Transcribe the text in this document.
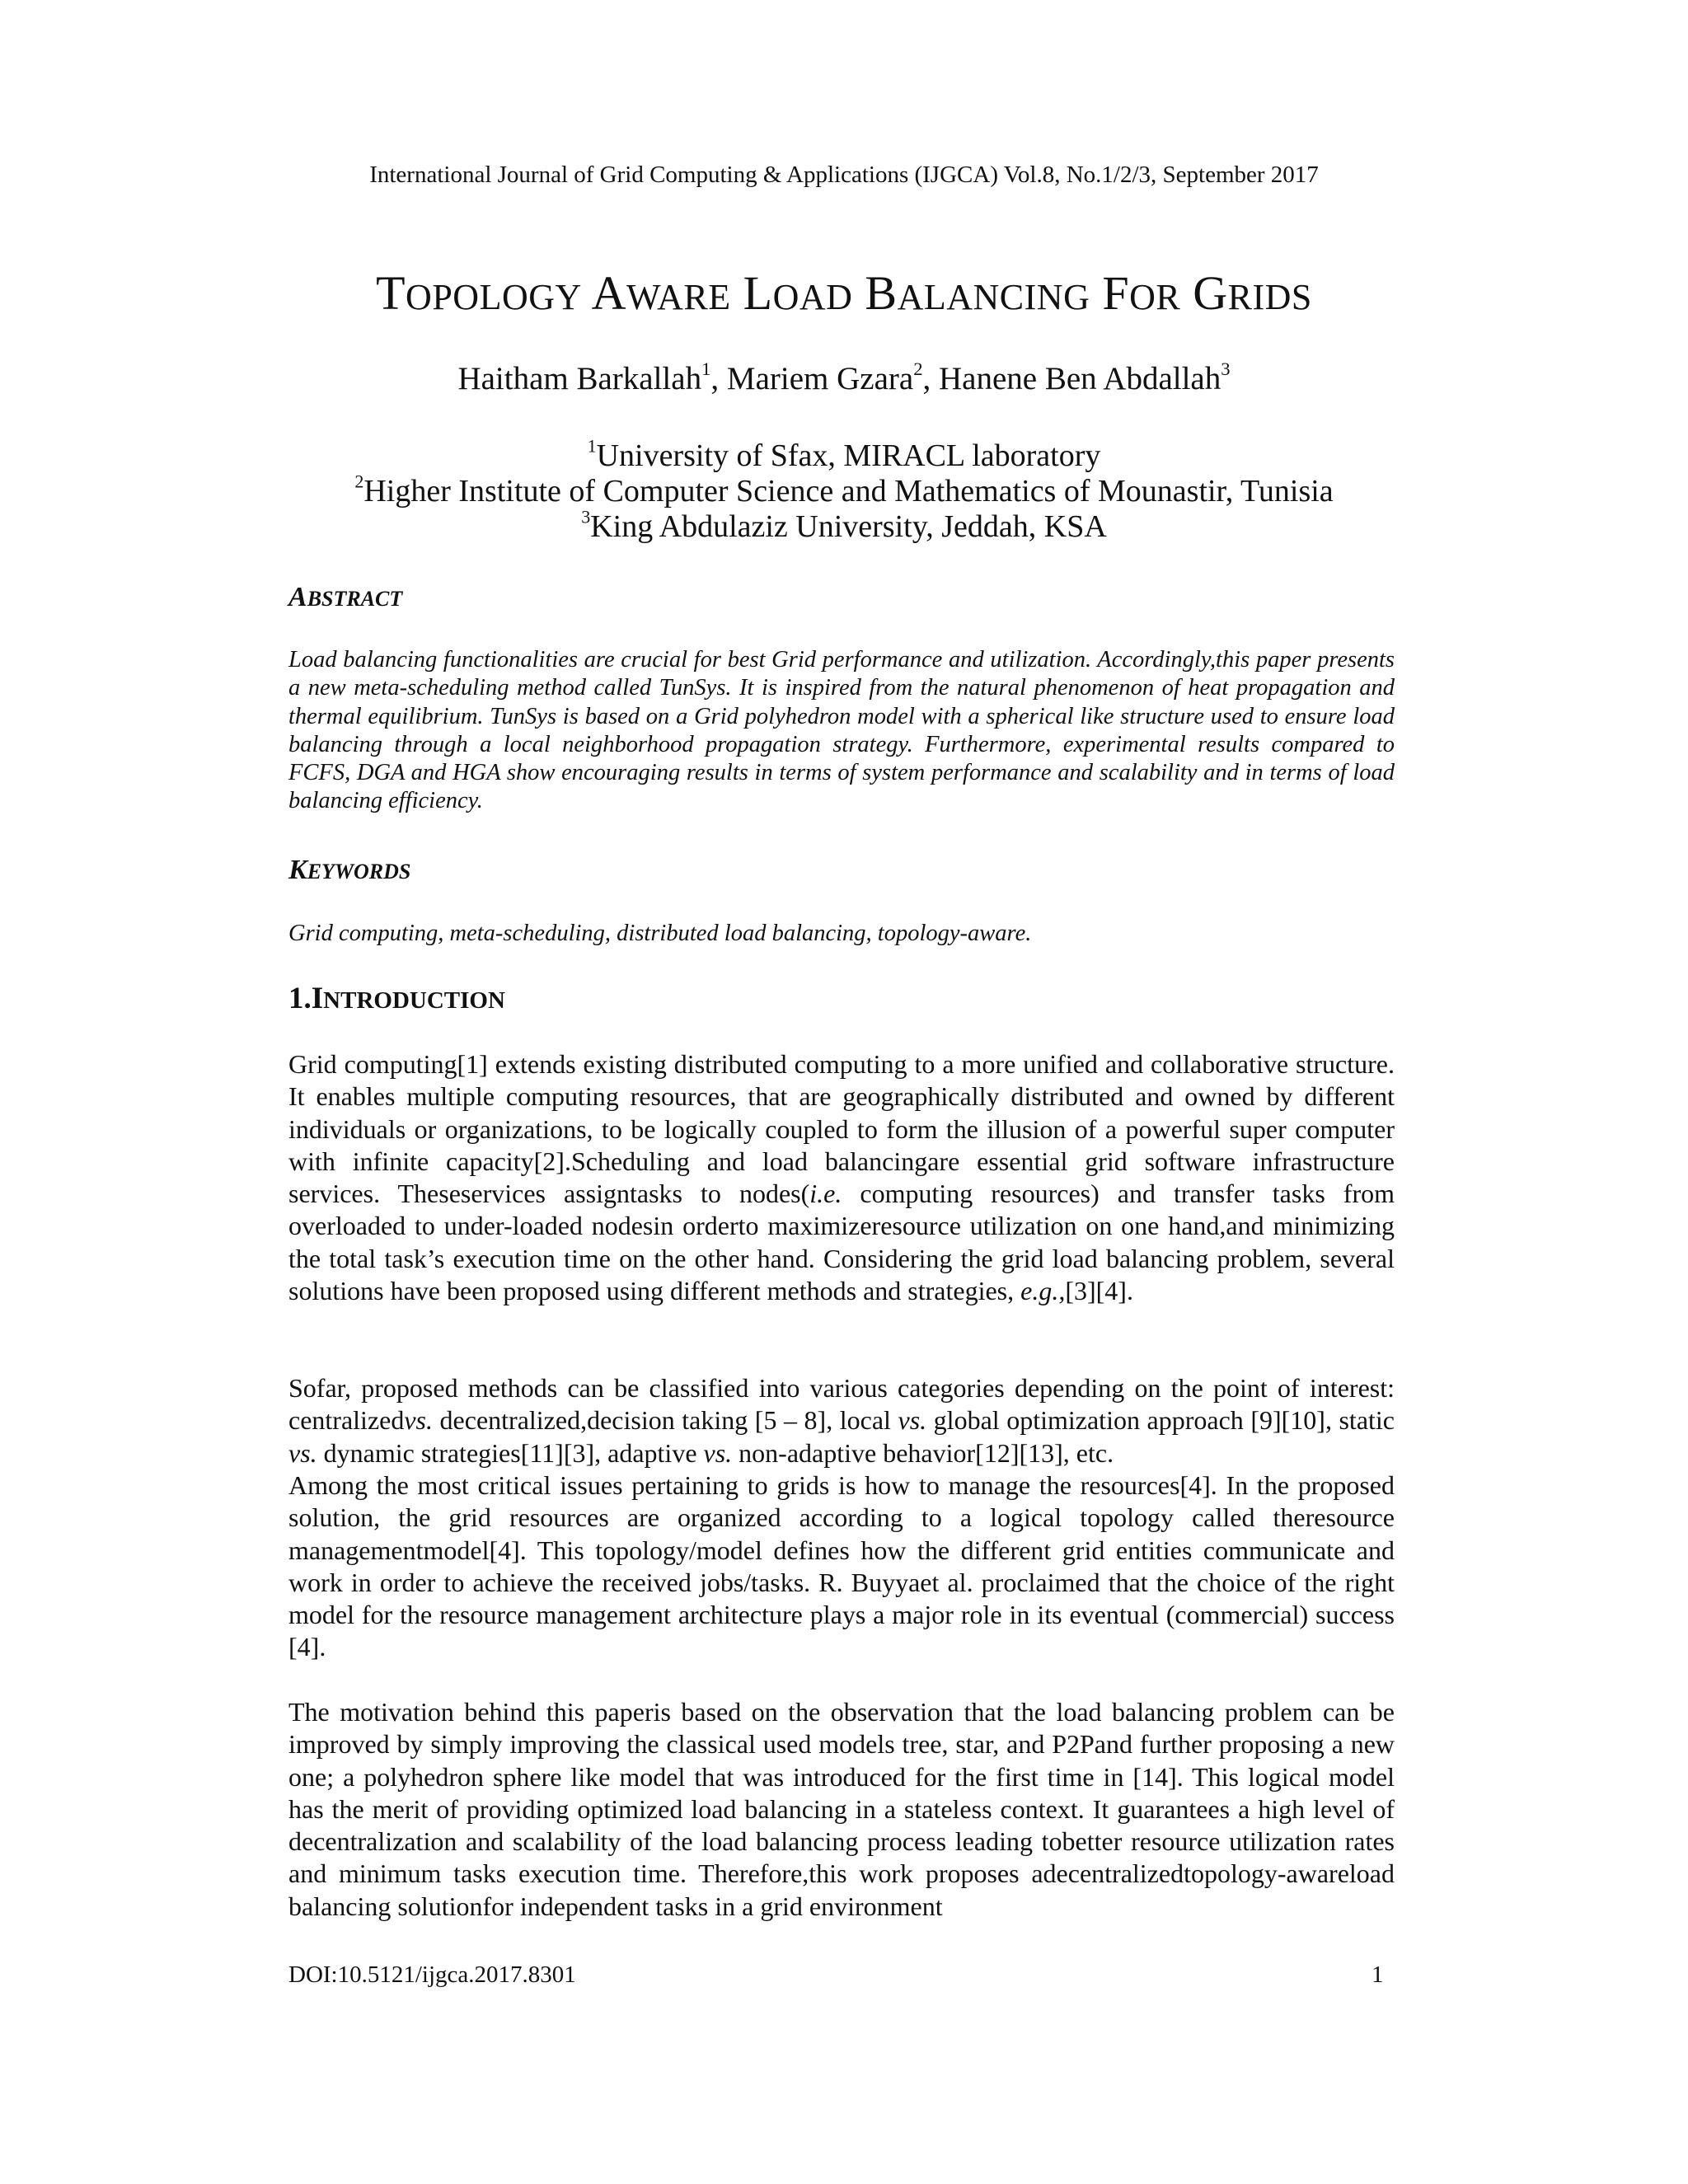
International Journal of Grid Computing & Applications (IJGCA) Vol.8, No.1/2/3, September 2017
TOPOLOGY AWARE LOAD BALANCING FOR GRIDS
Haitham Barkallah$^1$, Mariem Gzara$^2$, Hanene Ben Abdallah$^3$
$^1$University of Sfax, MIRACL laboratory
$^2$Higher Institute of Computer Science and Mathematics of Mounastir, Tunisia
$^3$King Abdulaziz University, Jeddah, KSA
ABSTRACT
Load balancing functionalities are crucial for best Grid performance and utilization. Accordingly,this paper presents a new meta-scheduling method called TunSys. It is inspired from the natural phenomenon of heat propagation and thermal equilibrium. TunSys is based on a Grid polyhedron model with a spherical like structure used to ensure load balancing through a local neighborhood propagation strategy. Furthermore, experimental results compared to FCFS, DGA and HGA show encouraging results in terms of system performance and scalability and in terms of load balancing efficiency.
KEYWORDS
Grid computing, meta-scheduling, distributed load balancing, topology-aware.
1.INTRODUCTION

Grid computing[1] extends existing distributed computing to a more unified and collaborative structure. It enables multiple computing resources, that are geographically distributed and owned by different individuals or organizations, to be logically coupled to form the illusion of a powerful super computer with infinite capacity[2].Scheduling and load balancingare essential grid software infrastructure services. Theseservices assigntasks to nodes(i.e. computing resources) and transfer tasks from overloaded to under-loaded nodesin orderto maximizeresource utilization on one hand,and minimizing the total task’s execution time on the other hand. Considering the grid load balancing problem, several solutions have been proposed using different methods and strategies, e.g.,[3][4].

Sofar, proposed methods can be classified into various categories depending on the point of interest: centralizedvs. decentralized,decision taking [5 – 8], local vs. global optimization approach [9][10], static vs. dynamic strategies[11][3], adaptive vs. non-adaptive behavior[12][13], etc.

Among the most critical issues pertaining to grids is how to manage the resources[4]. In the proposed solution, the grid resources are organized according to a logical topology called theresource managementmodel[4]. This topology/model defines how the different grid entities communicate and work in order to achieve the received jobs/tasks. R. Buyyaet al. proclaimed that the choice of the right model for the resource management architecture plays a major role in its eventual (commercial) success [4].

The motivation behind this paperis based on the observation that the load balancing problem can be improved by simply improving the classical used models tree, star, and P2Pand further proposing a new one; a polyhedron sphere like model that was introduced for the first time in [14]. This logical model has the merit of providing optimized load balancing in a stateless context. It guarantees a high level of decentralization and scalability of the load balancing process leading tobetter resource utilization rates and minimum tasks execution time. Therefore,this work proposes adecentralizedtopology-awareload balancing solutionfor independent tasks in a grid environment

DOI:10.5121/ijgca.2017.8301	1
